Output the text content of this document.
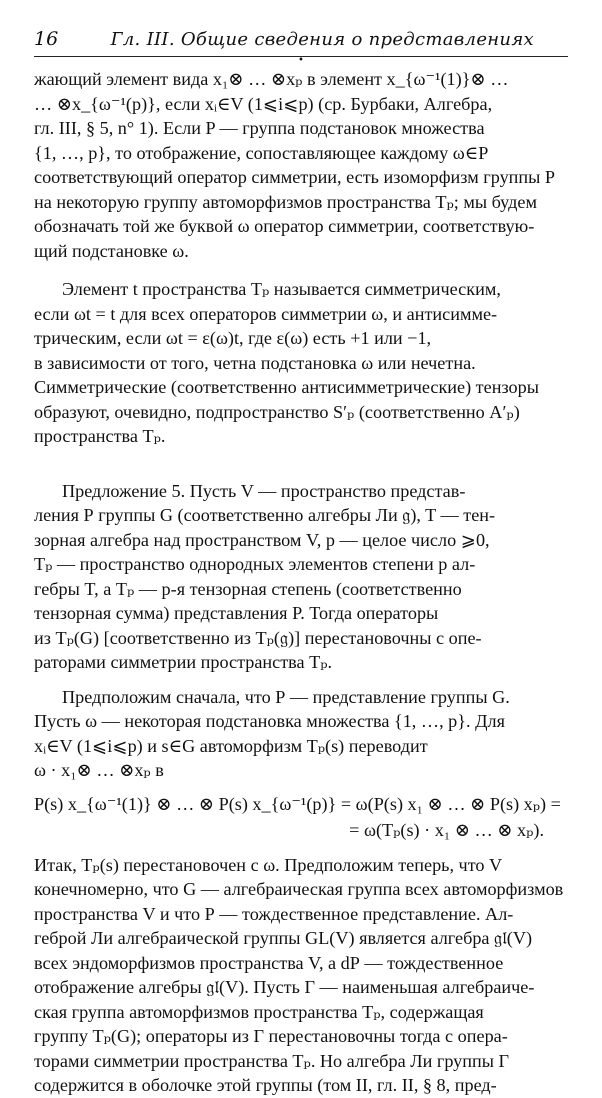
16	Гл. III. Общие сведения о представлениях
•

жающий элемент вида x₁⊗ … ⊗xₚ в элемент x_{ω⁻¹(1)}⊗ …
… ⊗x_{ω⁻¹(p)}, если xᵢ∈V (1⩽i⩽p) (ср. Бурбаки, Алгебра,
гл. III, § 5, n° 1). Если P — группа подстановок множества
{1, …, p}, то отображение, сопоставляющее каждому ω∈P
соответствующий оператор симметрии, есть изоморфизм группы P
на некоторую группу автоморфизмов пространства Tₚ; мы будем
обозначать той же буквой ω оператор симметрии, соответствую-
щий подстановке ω.

Элемент t пространства Tₚ называется симметрическим,
если ωt = t для всех операторов симметрии ω, и антисимме-
трическим, если ωt = ε(ω)t, где ε(ω) есть +1 или −1,
в зависимости от того, четна подстановка ω или нечетна.
Симметрические (соответственно антисимметрические) тензоры
образуют, очевидно, подпространство S′ₚ (соответственно A′ₚ)
пространства Tₚ.

Предложение 5. Пусть V — пространство представ-
ления Ρ группы G (соответственно алгебры Ли 𝔤), T — тен-
зорная алгебра над пространством V, p — целое число ⩾0,
Tₚ — пространство однородных элементов степени p ал-
гебры T, а Tₚ — p-я тензорная степень (соответственно
тензорная сумма) представления Ρ. Тогда операторы
из Tₚ(G) [соответственно из Tₚ(𝔤)] перестановочны с опе-
раторами симметрии пространства Tₚ.

Предположим сначала, что Ρ — представление группы G.
Пусть ω — некоторая подстановка множества {1, …, p}. Для
xᵢ∈V (1⩽i⩽p) и s∈G автоморфизм Tₚ(s) переводит
ω · x₁⊗ … ⊗xₚ в

Ρ(s) x_{ω⁻¹(1)} ⊗ … ⊗ Ρ(s) x_{ω⁻¹(p)} = ω(Ρ(s) x₁ ⊗ … ⊗ Ρ(s) xₚ) =
= ω(Tₚ(s) · x₁ ⊗ … ⊗ xₚ).

Итак, Tₚ(s) перестановочен с ω. Предположим теперь, что V
конечномерно, что G — алгебраическая группа всех автоморфизмов
пространства V и что Ρ — тождественное представление. Ал-
геброй Ли алгебраической группы GL(V) является алгебра 𝔤𝔩(V)
всех эндоморфизмов пространства V, а dΡ — тождественное
отображение алгебры 𝔤𝔩(V). Пусть Γ — наименьшая алгебраиче-
ская группа автоморфизмов пространства Tₚ, содержащая
группу Tₚ(G); операторы из Γ перестановочны тогда с опера-
торами симметрии пространства Tₚ. Но алгебра Ли группы Γ
содержится в оболочке этой группы (том II, гл. II, § 8, пред-
